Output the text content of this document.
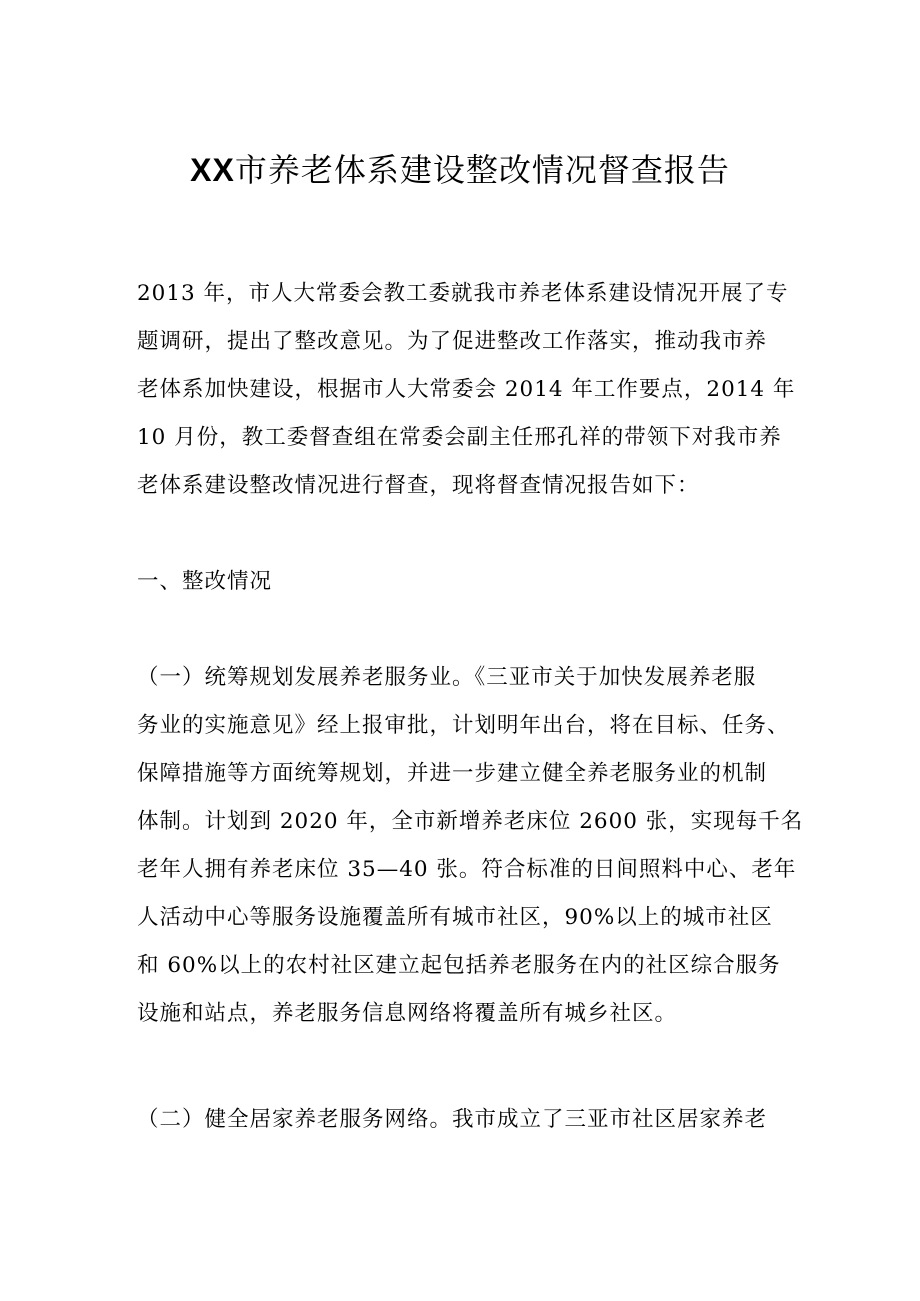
XX市养老体系建设整改情况督查报告
2013 年，市人大常委会教工委就我市养老体系建设情况开展了专
题调研，提出了整改意见。为了促进整改工作落实，推动我市养
老体系加快建设，根据市人大常委会 2014 年工作要点，2014 年
10 月份，教工委督查组在常委会副主任邢孔祥的带领下对我市养
老体系建设整改情况进行督查，现将督查情况报告如下：
一、整改情况
（一）统筹规划发展养老服务业。《三亚市关于加快发展养老服
务业的实施意见》经上报审批，计划明年出台，将在目标、任务、
保障措施等方面统筹规划，并进一步建立健全养老服务业的机制
体制。计划到 2020 年，全市新增养老床位 2600 张，实现每千名
老年人拥有养老床位 35—40 张。符合标准的日间照料中心、老年
人活动中心等服务设施覆盖所有城市社区，90%以上的城市社区
和 60%以上的农村社区建立起包括养老服务在内的社区综合服务
设施和站点，养老服务信息网络将覆盖所有城乡社区。
（二）健全居家养老服务网络。我市成立了三亚市社区居家养老
